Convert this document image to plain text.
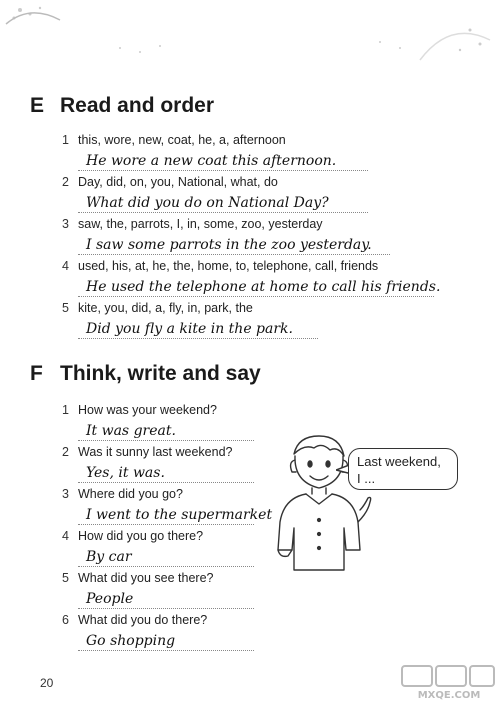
E Read and order
1 this, wore, new, coat, he, a, afternoon
He wore a new coat this afternoon.
2 Day, did, on, you, National, what, do
What did you do on National Day?
3 saw, the, parrots, I, in, some, zoo, yesterday
I saw some parrots in the zoo yesterday.
4 used, his, at, he, the, home, to, telephone, call, friends
He used the telephone at home to call his friends.
5 kite, you, did, a, fly, in, park, the
Did you fly a kite in the park.
F Think, write and say
1 How was your weekend?
It was great.
2 Was it sunny last weekend?
Yes, it was.
3 Where did you go?
I went to the supermarket
4 How did you go there?
By car
5 What did you see there?
People
6 What did you do there?
Go shopping
Last weekend,
I ...
20
MXQE.COM
